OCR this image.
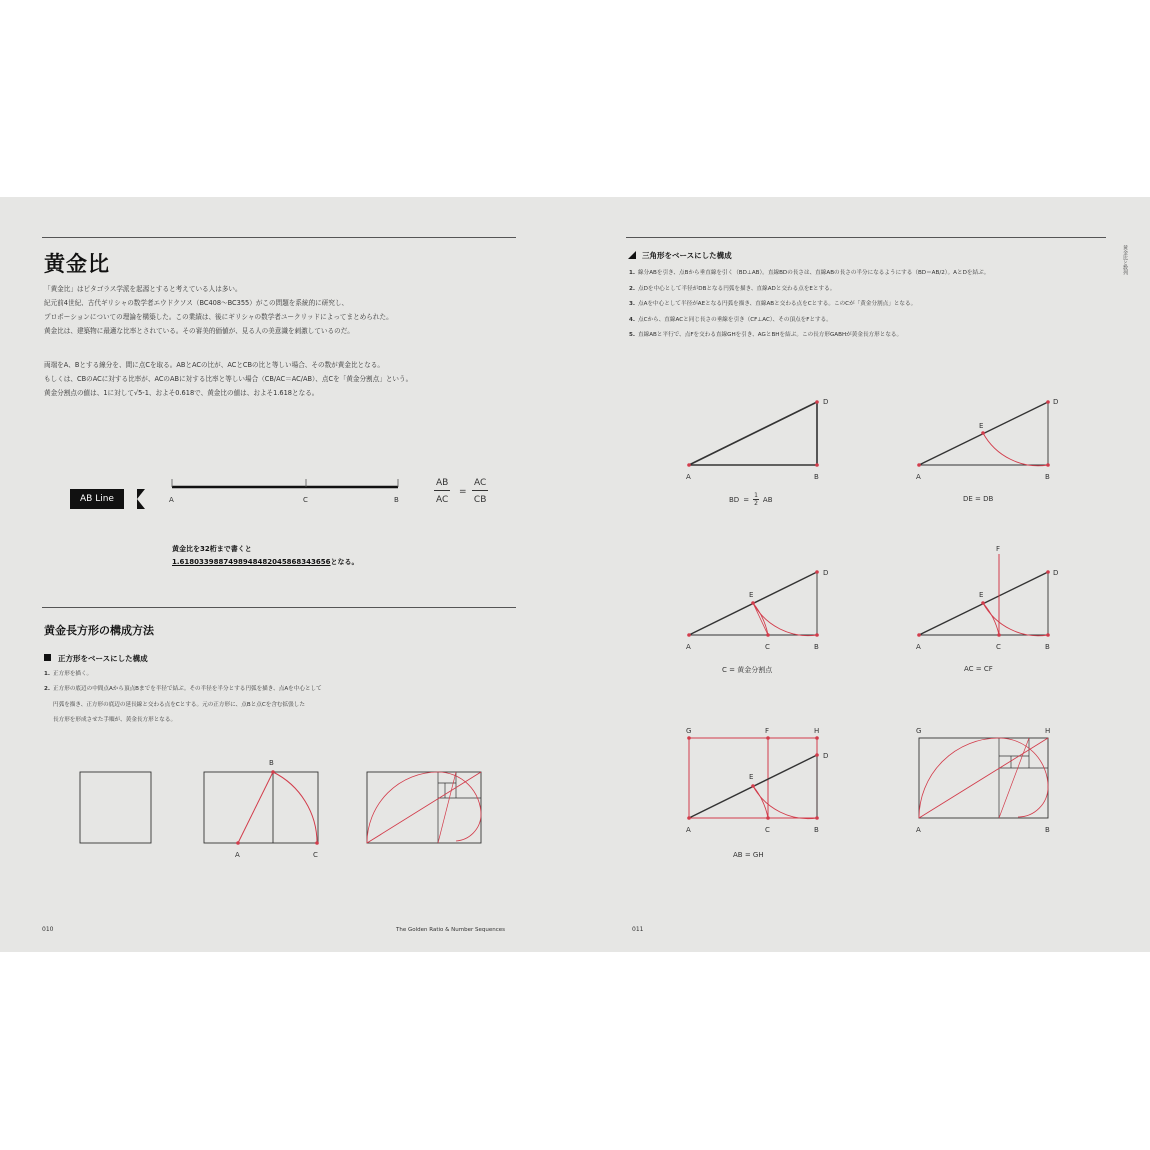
黄金比
「黄金比」はピタゴラス学派を起源とすると考えている人は多い。
紀元前4世紀、古代ギリシャの数学者エウドクソス（BC408〜BC355）がこの問題を系統的に研究し、
プロポーションについての理論を構築した。この業績は、後にギリシャの数学者ユークリッドによってまとめられた。
黄金比は、建築物に最適な比率とされている。その審美的価値が、見る人の美意識を刺激しているのだ。
両端をA、Bとする線分を、間に点Cを取る。ABとACの比が、ACとCBの比と等しい場合、その数が黄金比となる。
もしくは、CBのACに対する比率が、ACのABに対する比率と等しい場合（CB/AC＝AC/AB）、点Cを「黄金分割点」という。
黄金分割点の値は、1に対して√5-1、およそ0.618で、黄金比の値は、およそ1.618となる。
AB Line	A	C	B	$\frac{AB}{AC} = \frac{AC}{CB}$
黄金比を32桁まで書くと
1.6180339887498948482045868343656となる。
黄金長方形の構成方法
正方形をベースにした構成
1. 正方形を描く。
2. 正方形の底辺の中間点Aから頂点Bまでを半径で結ぶ。その半径を半分とする円弧を描き、点Aを中心として
円弧を描き、正方形の底辺の延長線と交わる点をCとする。元の正方形に、点Bと点Cを含む拡張した
長方形を形成させた手順が、黄金長方形となる。
A
B
C
010	The Golden Ratio & Number Sequences
黄金比と数列
三角形をベースにした構成
1. 線分ABを引き、点Bから垂直線を引く（BD⊥AB）。直線BDの長さは、直線ABの長さの半分になるようにする（BD＝AB/2）。AとDを結ぶ。
2. 点Dを中心として半径がDBとなる円弧を描き、直線ADと交わる点をEとする。
3. 点Aを中心として半径がAEとなる円弧を描き、直線ABと交わる点をCとする。このCが「黄金分割点」となる。
4. 点Cから、直線ACと同じ長さの垂線を引き（CF⊥AC）、その頂点をFとする。
5. 直線ABと平行で、点Fを交わる直線GHを引き、AGとBHを結ぶ。この長方形GABHが黄金長方形となる。
A	B
D
A	B
D
E
A	B
C
D
E
A	B
C
D
E
F
G	F	H
D
E
A	C	B
G	H
A	B
BD = $\frac{1}{2}$ AB	DE = DB
C = 黄金分割点	AC = CF
AB = GH
011
